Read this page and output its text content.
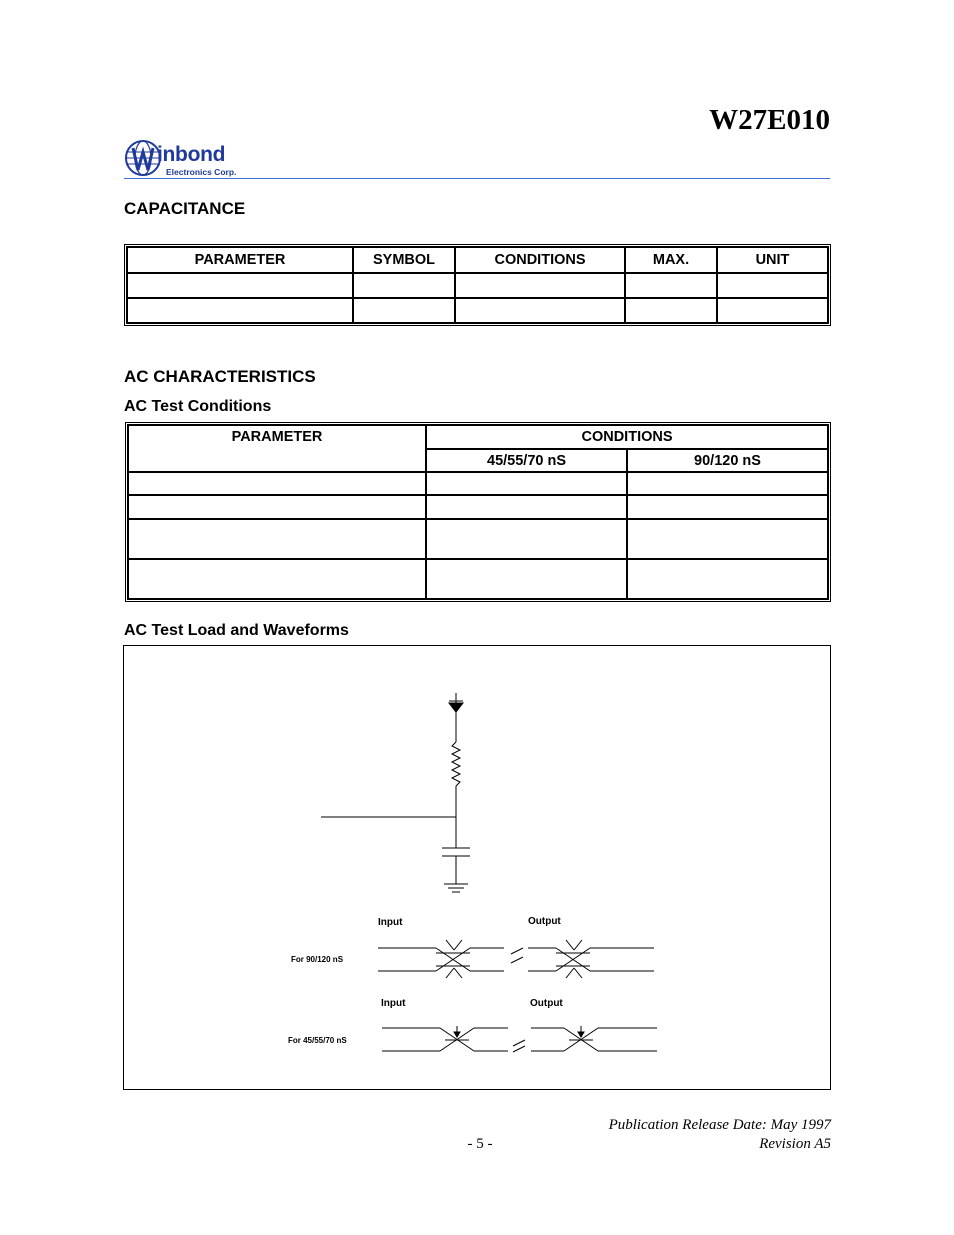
W27E010
inbond
Electronics Corp.
CAPACITANCE
PARAMETER	SYMBOL	CONDITIONS	MAX.	UNIT

AC CHARACTERISTICS
AC Test Conditions
PARAMETER	CONDITIONS	
	45/55/70 nS	90/120 nS

AC Test Load and Waveforms
Input	Output
For 90/120 nS
Input	Output
For 45/55/70 nS
Publication Release Date: May 1997
- 5 -	Revision A5
